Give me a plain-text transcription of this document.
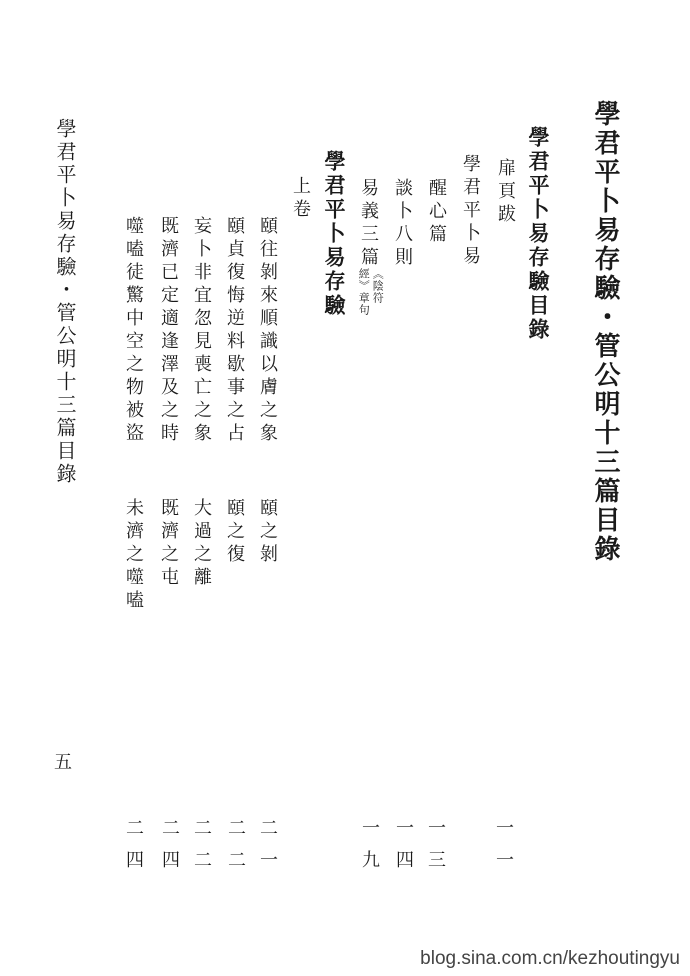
學君平卜易存驗・管公明十三篇目錄
學君平卜易存驗目錄
一一
扉頁跋
學君平卜易
醒心篇
一三
談卜八則
一四
易義三篇
《陰符
經》章句
一九
學君平卜易存驗
上卷
頤往剝來順識以膚之象
頤之剝
二一
頤貞復悔逆料歇事之占
頤之復
二二
妄卜非宜忽見喪亡之象
大過之離
二二
既濟已定適逢澤及之時
既濟之屯
二四
噬嗑徒驚中空之物被盜
未濟之噬嗑
二四
學君平卜易存驗・管公明十三篇目錄
五
blog.sina.com.cn/kezhoutingyu
